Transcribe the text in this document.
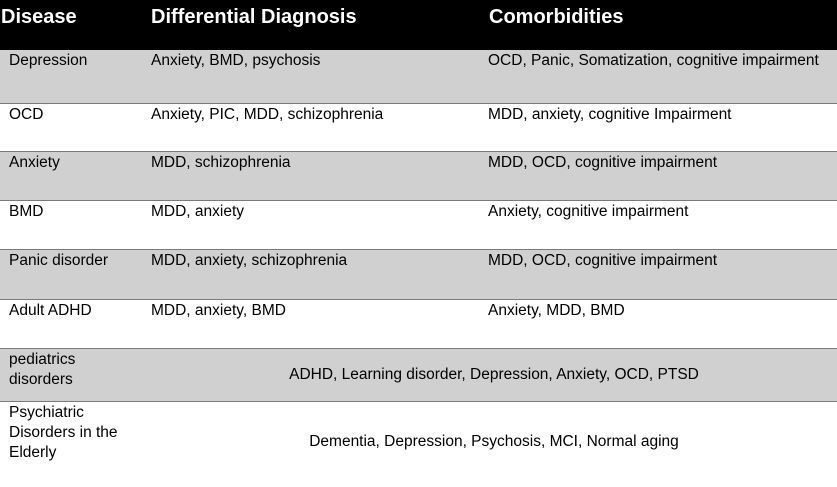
Disease	Differential Diagnosis	Comorbidities
Depression	Anxiety, BMD, psychosis	OCD, Panic, Somatization, cognitive impairment
OCD	Anxiety, PIC, MDD, schizophrenia	MDD, anxiety, cognitive Impairment
Anxiety	MDD, schizophrenia	MDD, OCD, cognitive impairment
BMD	MDD, anxiety	Anxiety, cognitive impairment
Panic disorder	MDD, anxiety, schizophrenia	MDD, OCD, cognitive impairment
Adult ADHD	MDD, anxiety, BMD	Anxiety, MDD, BMD
pediatrics disorders	ADHD, Learning disorder, Depression, Anxiety, OCD, PTSD	
Psychiatric Disorders in the Elderly	Dementia, Depression, Psychosis, MCI, Normal aging	
